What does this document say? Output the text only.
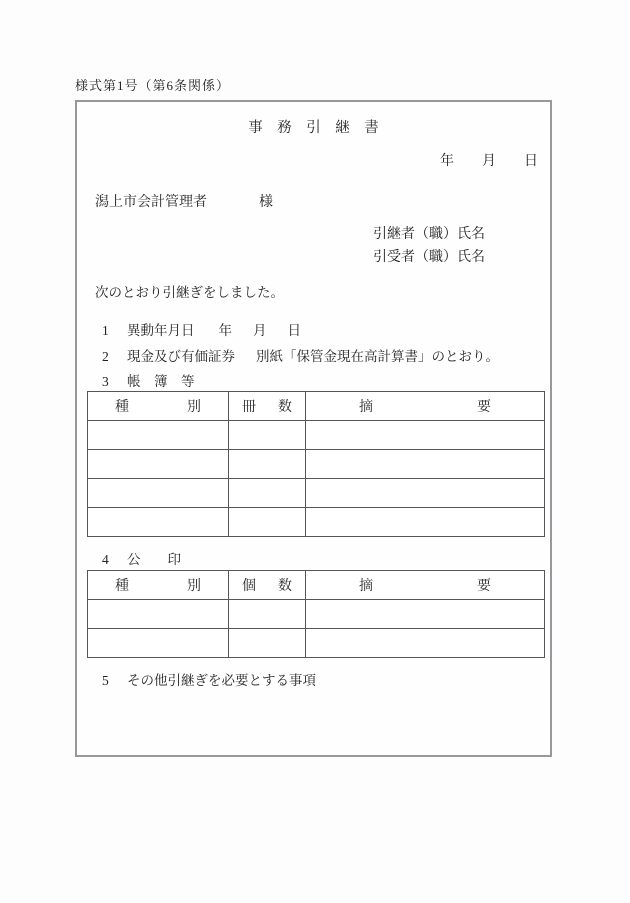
様式第1号（第6条関係）
事　務　引　継　書
年 月 日
潟上市会計管理者	様
引継者（職）氏名
引受者（職）氏名
次のとおり引継ぎをしました。
1 異動年月日 年 月 日
2 現金及び有価証券 別紙「保管金現在高計算書」のとおり。
3 帳　簿　等
種 別	冊 数	摘 要

4 公　　印
種 別	個 数	摘 要

5 その他引継ぎを必要とする事項
